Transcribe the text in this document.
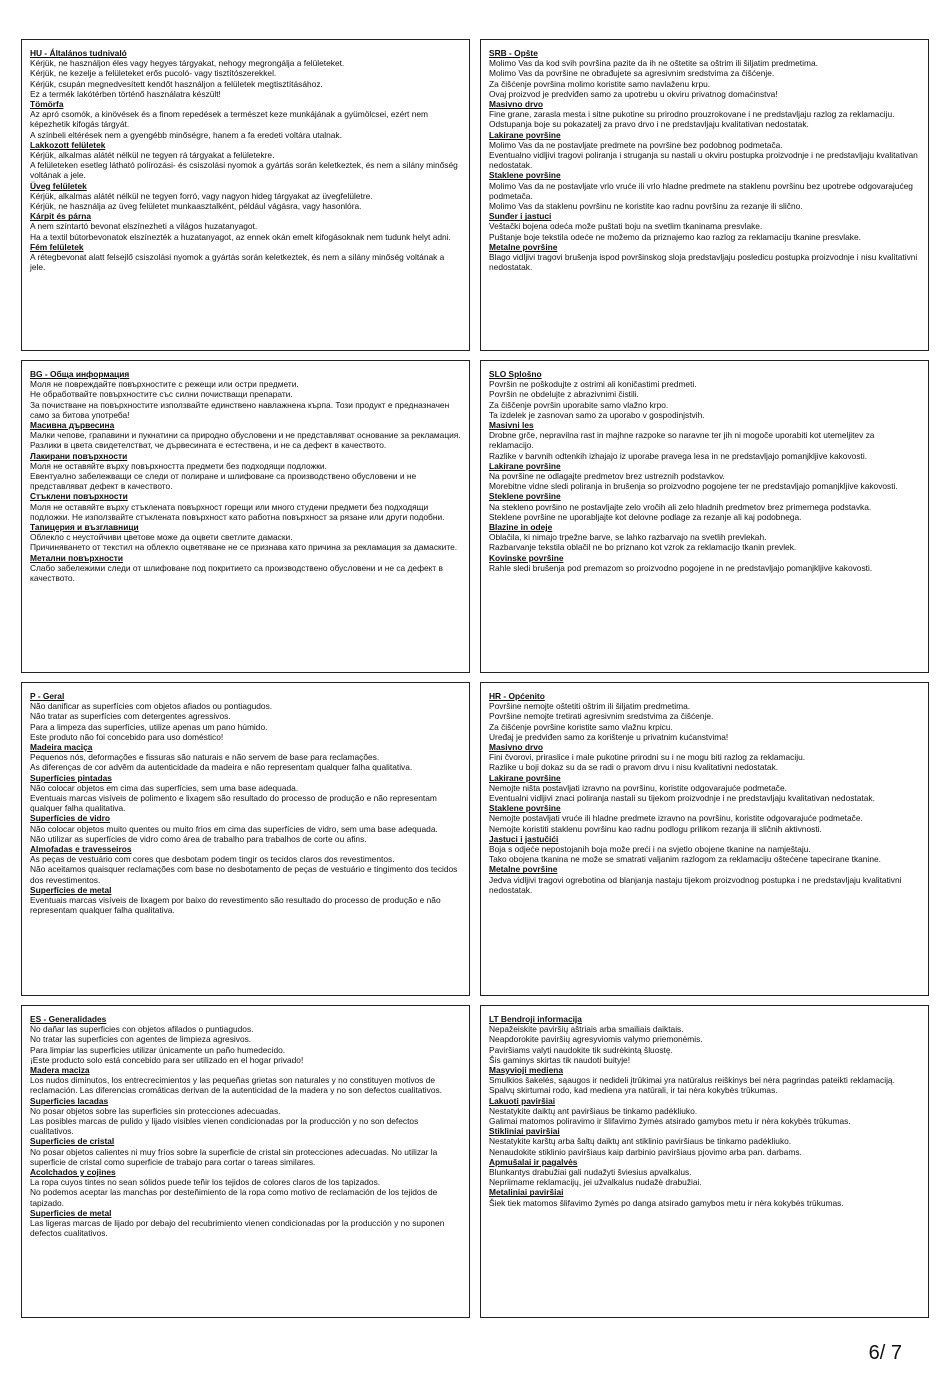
HU - Általános tudnivaló

Kérjük, ne használjon éles vagy hegyes tárgyakat, nehogy megrongálja a felületeket.

Kérjük, ne kezelje a felületeket erős pucoló- vagy tisztítószerekkel.

Kérjük, csupán megnedvesített kendőt használjon a felületek megtisztításához.

Ez a termék lakótérben történő használatra készült!

Tömörfa

Az apró csomók, a kinövések és a finom repedések a természet keze munkájának a gyümölcsei, ezért nem képezhetik kifogás tárgyát.

A színbeli eltérések nem a gyengébb minőségre, hanem a fa eredeti voltára utalnak.

Lakkozott felületek

Kérjük, alkalmas alátét nélkül ne tegyen rá tárgyakat a felületekre.

A felületeken esetleg látható polírozási- és csiszolási nyomok a gyártás során keletkeztek, és nem a silány minőség voltának a jele.

Üveg felületek

Kérjük, alkalmas alátét nélkül ne tegyen forró, vagy nagyon hideg tárgyakat az üvegfelületre.

Kérjük, ne használja az üveg felületet munkaasztalként, például vágásra, vagy hasonlóra.

Kárpit és párna

A nem színtartó bevonat elszínezheti a világos huzatanyagot.

Ha a textil bútorbevonatok elszínezték a huzatanyagot, az ennek okán emelt kifogásoknak nem tudunk helyt adni.

Fém felületek

A rétegbevonat alatt felsejlő csiszolási nyomok a gyártás során keletkeztek, és nem a silány minőség voltának a jele.

SRB - Opšte

Molimo Vas da kod svih površina pazite da ih ne oštetite sa oštrim ili šiljatim predmetima.

Molimo Vas da površine ne obrađujete sa agresivnim sredstvima za čišćenje.

Za čišćenje površina molimo koristite samo navlaženu krpu.

Ovaj proizvod je predviđen samo za upotrebu u okviru privatnog domaćinstva!

Masivno drvo

Fine grane, zarasla mesta i sitne pukotine su prirodno prouzrokovane i ne predstavljaju razlog za reklamaciju.

Odstupanja boje su pokazatelj za pravo drvo i ne predstavljaju kvalitativan nedostatak.

Lakirane površine

Molimo Vas da ne postavljate predmete na površine bez podobnog podmetača.

Eventualno vidljivi tragovi poliranja i struganja su nastali u okviru postupka proizvodnje i ne predstavljaju kvalitativan nedostatak.

Staklene površine

Molimo Vas da ne postavljate vrlo vruće ili vrlo hladne predmete na staklenu površinu bez upotrebe odgovarajućeg podmetača.

Molimo Vas da staklenu površinu ne koristite kao radnu površinu za rezanje ili slično.

Sunđer i jastuci

Veštački bojena odeća može puštati boju na svetlim tkaninama presvlake.

Puštanje boje tekstila odeće ne možemo da priznajemo kao razlog za reklamaciju tkanine presvlake.

Metalne površine

Blago vidljivi tragovi brušenja ispod površinskog sloja predstavljaju posledicu postupka proizvodnje i nisu kvalitativni nedostatak.

BG - Обща информация

Моля не повреждайте повърхностите с режещи или остри предмети.

Не обработвайте повърхностите със силни почистващи препарати.

За почистване на повърхностите използвайте единствено навлажнена кърпа. Този продукт е предназначен само за битова употреба!

Масивна дървесина

Малки чепове, грапавини и пукнатини са природно обусловени и не представляват основание за рекламация.

Разлики в цвета свидетелстват, че дървесината е естествена, и не са дефект в качеството.

Лакирани повърхности

Моля не оставяйте върху повърхността предмети без подходящи подложки.

Евентуално забележващи се следи от полиране и шлифоване са производствено обусловени и не представляват дефект в качеството.

Стъклени повърхности

Моля не оставяйте върху стъклената повърхност горещи или много студени предмети без подходящи подложки. Не използвайте стъклената повърхност като работна повърхност за рязане или други подобни.

Тапицерия и възглавници

Облекло с неустойчиви цветове може да оцвети светлите дамаски.

Причиняването от текстил на облекло оцветяване не се признава като причина за рекламация за дамаските.

Метални повърхности

Слабо забележими следи от шлифоване под покритието са производствено обусловени и не са дефект в качеството.

SLO Splošno

Površin ne poškodujte z ostrimi ali koničastimi predmeti.

Površin ne obdelujte z abrazivnimi čistili.

Za čiščenje površin uporabite samo vlažno krpo.

Ta izdelek je zasnovan samo za uporabo v gospodinjstvih.

Masivni les

Drobne grče, nepravilna rast in majhne razpoke so naravne ter jih ni mogoče uporabiti kot utemeljitev za reklamacijo.

Razlike v barvnih odtenkih izhajajo iz uporabe pravega lesa in ne predstavljajo pomanjkljive kakovosti.

Lakirane površine

Na površine ne odlagajte predmetov brez ustreznih podstavkov.

Morebitne vidne sledi poliranja in brušenja so proizvodno pogojene ter ne predstavljajo pomanjkljive kakovosti.

Steklene površine

Na stekleno površino ne postavljajte zelo vročih ali zelo hladnih predmetov brez primernega podstavka.

Steklene površine ne uporabljajte kot delovne podlage za rezanje ali kaj podobnega.

Blazine in odeje

Oblačila, ki nimajo trpežne barve, se lahko razbarvajo na svetlih prevlekah.

Razbarvanje tekstila oblačil ne bo priznano kot vzrok za reklamacijo tkanin prevlek.

Kovinske površine

Rahle sledi brušenja pod premazom so proizvodno pogojene in ne predstavljajo pomanjkljive kakovosti.

P - Geral

Não danificar as superfícies com objetos afiados ou pontiagudos.

Não tratar as superfícies com detergentes agressivos.

Para a limpeza das superfícies, utilize apenas um pano húmido.

Este produto não foi concebido para uso doméstico!

Madeira maciça

Pequenos nós, deformações e fissuras são naturais e não servem de base para reclamações.

As diferenças de cor advêm da autenticidade da madeira e não representam qualquer falha qualitativa.

Superfícies pintadas

Não colocar objetos em cima das superfícies, sem uma base adequada.

Eventuais marcas visíveis de polimento e lixagem são resultado do processo de produção e não representam qualquer falha qualitativa.

Superfícies de vidro

Não colocar objetos muito quentes ou muito frios em cima das superfícies de vidro, sem uma base adequada.

Não utilizar as superfícies de vidro como área de trabalho para trabalhos de corte ou afins.

Almofadas e travesseiros

As peças de vestuário com cores que desbotam podem tingir os tecidos claros dos revestimentos.

Não aceitamos quaisquer reclamações com base no desbotamento de peças de vestuário e tingimento dos tecidos dos revestimentos.

Superfícies de metal

Eventuais marcas visíveis de lixagem por baixo do revestimento são resultado do processo de produção e não representam qualquer falha qualitativa.

HR - Općenito

Površine nemojte oštetiti oštrim ili šiljatim predmetima.

Površine nemojte tretirati agresivnim sredstvima za čišćenje.

Za čišćenje površine koristite samo vlažnu krpicu.

Uređaj je predviđen samo za korištenje u privatnim kućanstvima!

Masivno drvo

Fini čvorovi, priraslice i male pukotine prirodni su i ne mogu biti razlog za reklamaciju.

Razlike u boji dokaz su da se radi o pravom drvu i nisu kvalitativni nedostatak.

Lakirane površine

Nemojte ništa postavljati izravno na površinu, koristite odgovarajuće podmetače.

Eventualni vidljivi znaci poliranja nastali su tijekom proizvodnje i ne predstavljaju kvalitativan nedostatak.

Staklene površine

Nemojte postavljati vruće ili hladne predmete izravno na površinu, koristite odgovarajuće podmetače.

Nemojte koristiti staklenu površinu kao radnu podlogu prilikom rezanja ili sličnih aktivnosti.

Jastuci i jastučići

Boja s odjeće nepostojanih boja može preći i na svjetlo obojene tkanine na namještaju.

Tako obojena tkanina ne može se smatrati valjanim razlogom za reklamaciju oštećene tapecirane tkanine.

Metalne površine

Jedva vidljivi tragovi ogrebotina od blanjanja nastaju tijekom proizvodnog postupka i ne predstavljaju kvalitativni nedostatak.

ES - Generalidades

No dañar las superficies con objetos afilados o puntiagudos.

No tratar las superficies con agentes de limpieza agresivos.

Para limpiar las superficies utilizar únicamente un paño humedecido.

¡Este producto solo está concebido para ser utilizado en el hogar privado!

Madera maciza

Los nudos diminutos, los entrecrecimientos y las pequeñas grietas son naturales y no constituyen motivos de reclamación. Las diferencias cromáticas derivan de la autenticidad de la madera y no son defectos cualitativos.

Superficies lacadas

No posar objetos sobre las superficies sin protecciones adecuadas.

Las posibles marcas de pulido y lijado visibles vienen condicionadas por la producción y no son defectos cualitativos.

Superficies de cristal

No posar objetos calientes ni muy fríos sobre la superficie de cristal sin protecciones adecuadas. No utilizar la superficie de cristal como superficie de trabajo para cortar o tareas similares.

Acolchados y cojines

La ropa cuyos tintes no sean sólidos puede teñir los tejidos de colores claros de los tapizados.

No podemos aceptar las manchas por desteñimiento de la ropa como motivo de reclamación de los tejidos de tapizado.

Superficies de metal

Las ligeras marcas de lijado por debajo del recubrimiento vienen condicionadas por la producción y no suponen defectos cualitativos.

LT Bendroji informacija

Nepažeiskite paviršių aštriais arba smailiais daiktais.

Neapdorokite paviršių agresyviomis valymo priemonėmis.

Paviršiams valyti naudokite tik sudrėkintą šluostę.

Šis gaminys skirtas tik naudoti buityje!

Masyvioji mediena

Smulkios šakelės, sąaugos ir nedideli įtrūkimai yra natūralus reiškinys bei nėra pagrindas pateikti reklamaciją.

Spalvų skirtumai rodo, kad mediena yra natūrali, ir tai nėra kokybės trūkumas.

Lakuoti paviršiai

Nestatykite daiktų ant paviršiaus be tinkamo padėkliuko.

Galimai matomos poliravimo ir šlifavimo žymės atsirado gamybos metu ir nėra kokybės trūkumas.

Stikliniai paviršiai

Nestatykite karštų arba šaltų daiktų ant stiklinio paviršiaus be tinkamo padėkliuko.

Nenaudokite stiklinio paviršiaus kaip darbinio paviršiaus pjovimo arba pan. darbams.

Apmušalai ir pagalvės

Blunkantys drabužiai gali nudažyti šviesius apvalkalus.

Nepriimame reklamacijų, jei užvalkalus nudažė drabužiai.

Metaliniai paviršiai

Šiek tiek matomos šlifavimo žymės po danga atsirado gamybos metu ir nėra kokybės trūkumas.

6/ 7
